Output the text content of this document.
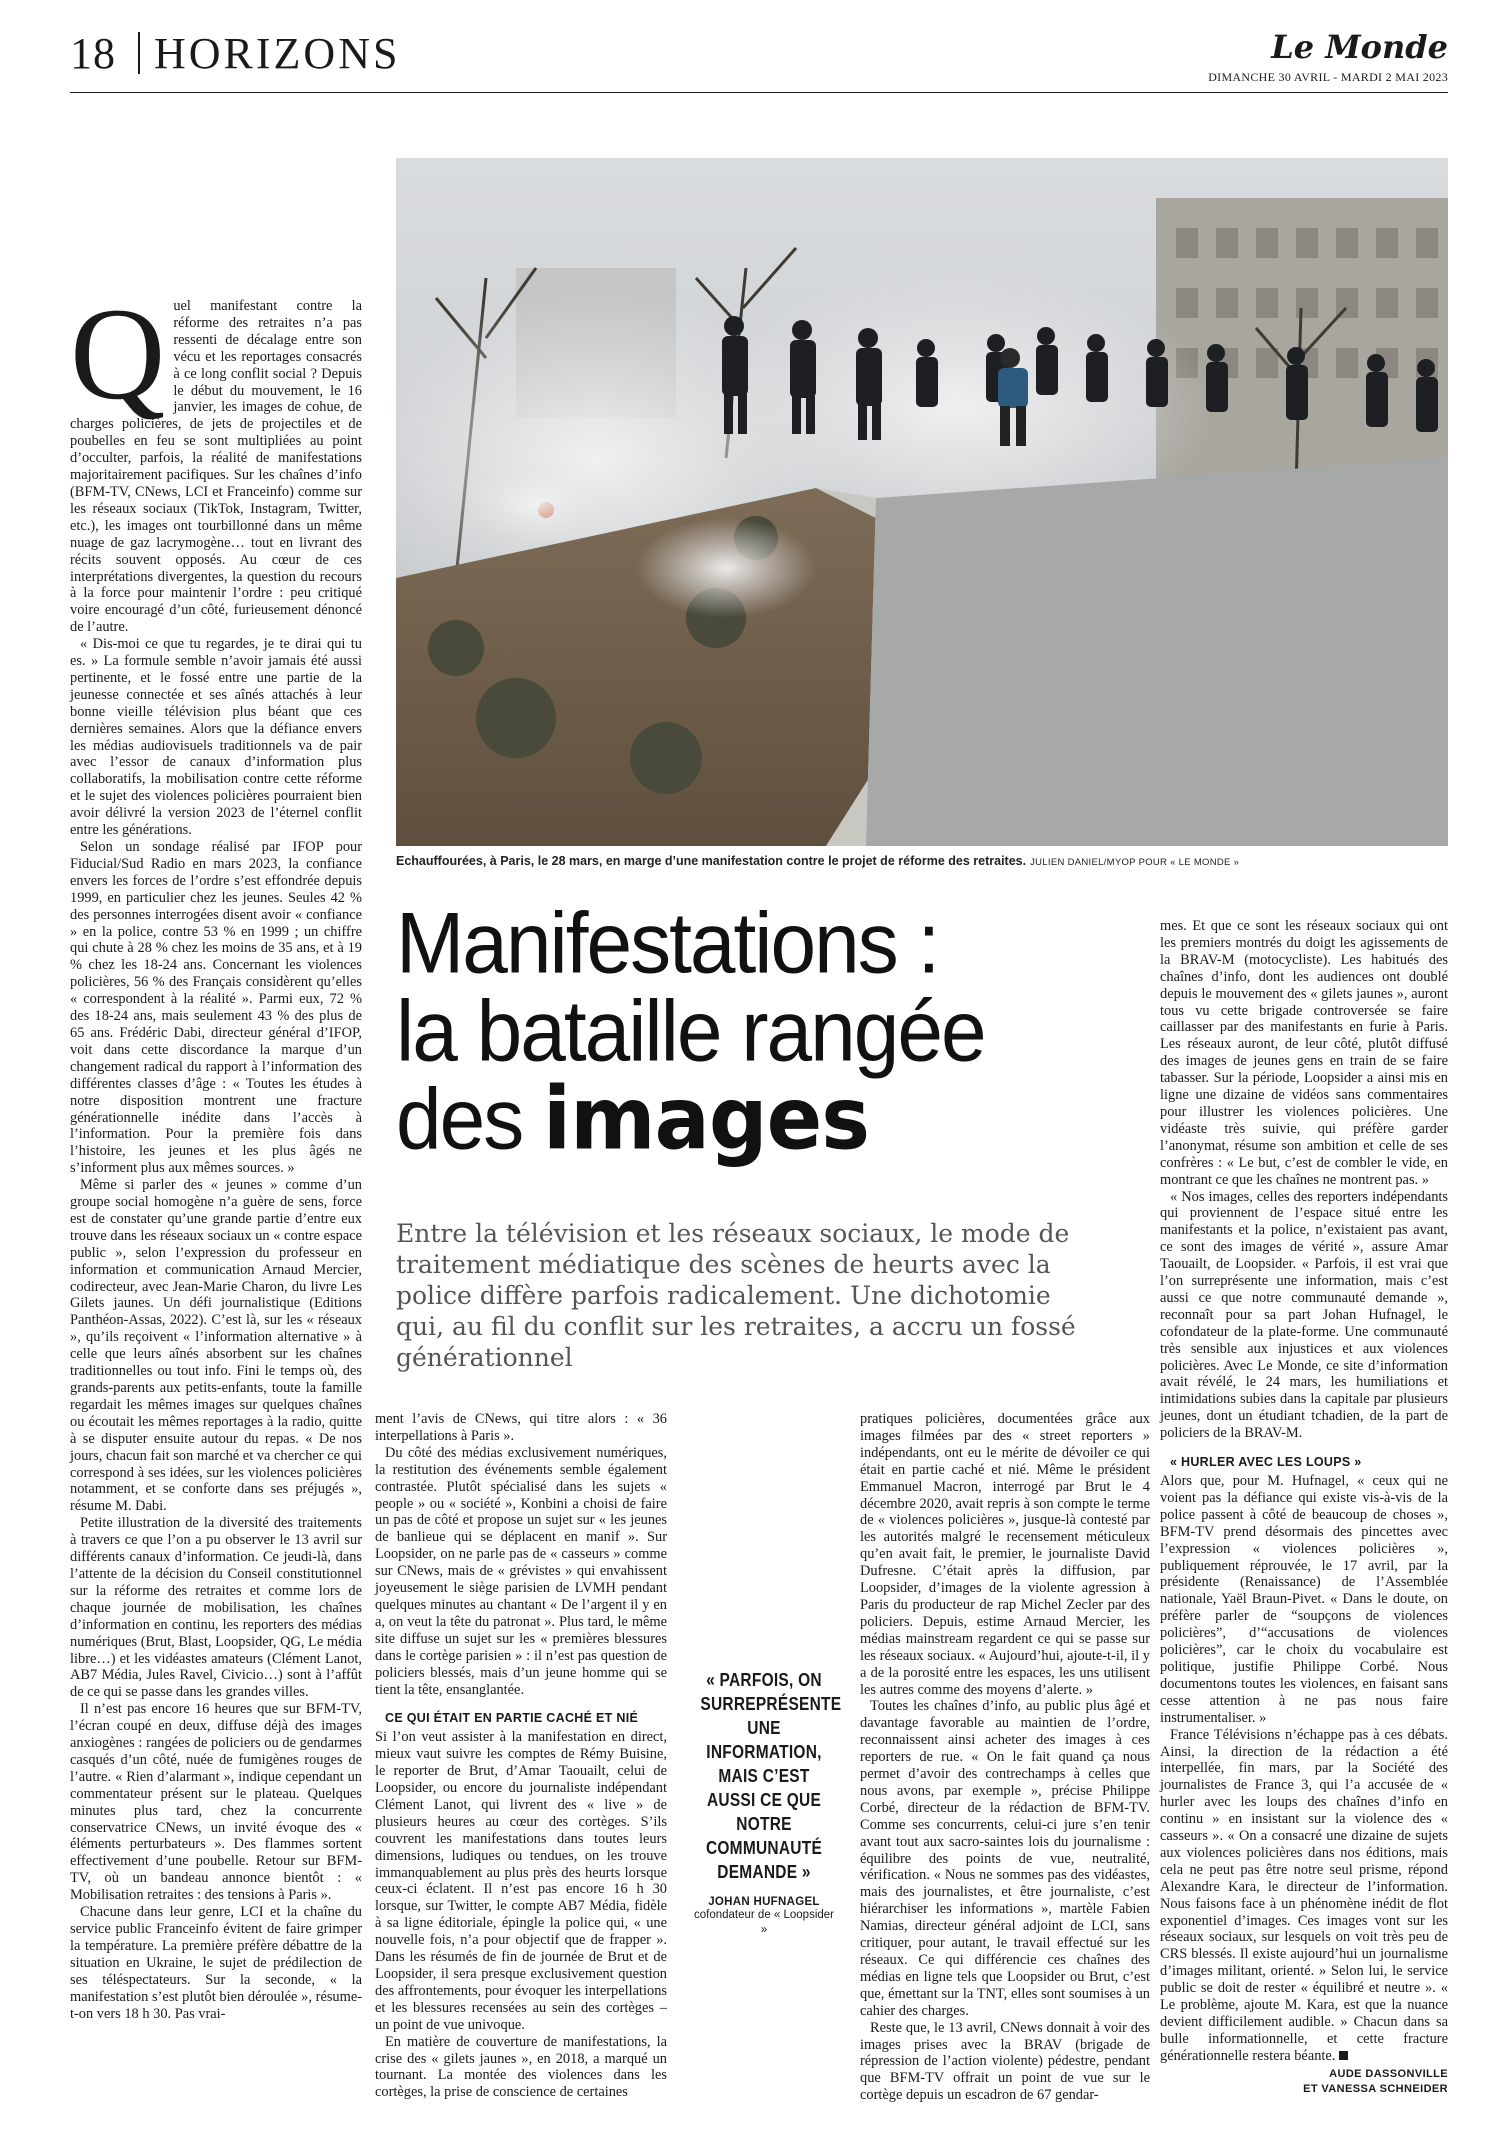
18 HORIZONS	Le Monde
DIMANCHE 30 AVRIL - MARDI 2 MAI 2023
Echauffourées, à Paris, le 28 mars, en marge d’une manifestation contre le projet de réforme des retraites. JULIEN DANIEL/MYOP POUR « LE MONDE »
Manifestations :
la bataille rangée
des images
Entre la télévision et les réseaux sociaux, le mode de traitement médiatique des scènes de heurts avec la police diffère parfois radicalement. Une dichotomie qui, au fil du conflit sur les retraites, a accru un fossé générationnel

Quel manifestant contre la réforme des retraites n’a pas ressenti de décalage entre son vécu et les reportages consacrés à ce long conflit social ? Depuis le début du mouvement, le 16 janvier, les images de cohue, de charges policières, de jets de projectiles et de poubelles en feu se sont multipliées au point d’occulter, parfois, la réalité de manifestations majoritairement pacifiques. Sur les chaînes d’info (BFM-TV, CNews, LCI et Franceinfo) comme sur les réseaux sociaux (TikTok, Instagram, Twitter, etc.), les images ont tourbillonné dans un même nuage de gaz lacrymogène… tout en livrant des récits souvent opposés. Au cœur de ces interprétations divergentes, la question du recours à la force pour maintenir l’ordre : peu critiqué voire encouragé d’un côté, furieusement dénoncé de l’autre.

« Dis-moi ce que tu regardes, je te dirai qui tu es. » La formule semble n’avoir jamais été aussi pertinente, et le fossé entre une partie de la jeunesse connectée et ses aînés attachés à leur bonne vieille télévision plus béant que ces dernières semaines. Alors que la défiance envers les médias audiovisuels traditionnels va de pair avec l’essor de canaux d’information plus collaboratifs, la mobilisation contre cette réforme et le sujet des violences policières pourraient bien avoir délivré la version 2023 de l’éternel conflit entre les générations.

Selon un sondage réalisé par IFOP pour Fiducial/Sud Radio en mars 2023, la confiance envers les forces de l’ordre s’est effondrée depuis 1999, en particulier chez les jeunes. Seules 42 % des personnes interrogées disent avoir « confiance » en la police, contre 53 % en 1999 ; un chiffre qui chute à 28 % chez les moins de 35 ans, et à 19 % chez les 18-24 ans. Concernant les violences policières, 56 % des Français considèrent qu’elles « correspondent à la réalité ». Parmi eux, 72 % des 18-24 ans, mais seulement 43 % des plus de 65 ans. Frédéric Dabi, directeur général d’IFOP, voit dans cette discordance la marque d’un changement radical du rapport à l’information des différentes classes d’âge : « Toutes les études à notre disposition montrent une fracture générationnelle inédite dans l’accès à l’information. Pour la première fois dans l’histoire, les jeunes et les plus âgés ne s’informent plus aux mêmes sources. »

Même si parler des « jeunes » comme d’un groupe social homogène n’a guère de sens, force est de constater qu’une grande partie d’entre eux trouve dans les réseaux sociaux un « contre espace public », selon l’expression du professeur en information et communication Arnaud Mercier, codirecteur, avec Jean-Marie Charon, du livre Les Gilets jaunes. Un défi journalistique (Editions Panthéon-Assas, 2022). C’est là, sur les « réseaux », qu’ils reçoivent « l’information alternative » à celle que leurs aînés absorbent sur les chaînes traditionnelles ou tout info. Fini le temps où, des grands-parents aux petits-enfants, toute la famille regardait les mêmes images sur quelques chaînes ou écoutait les mêmes reportages à la radio, quitte à se disputer ensuite autour du repas. « De nos jours, chacun fait son marché et va chercher ce qui correspond à ses idées, sur les violences policières notamment, et se conforte dans ses préjugés », résume M. Dabi.

Petite illustration de la diversité des traitements à travers ce que l’on a pu observer le 13 avril sur différents canaux d’information. Ce jeudi-là, dans l’attente de la décision du Conseil constitutionnel sur la réforme des retraites et comme lors de chaque journée de mobilisation, les chaînes d’information en continu, les reporters des médias numériques (Brut, Blast, Loopsider, QG, Le média libre…) et les vidéastes amateurs (Clément Lanot, AB7 Média, Jules Ravel, Civicio…) sont à l’affût de ce qui se passe dans les grandes villes.

Il n’est pas encore 16 heures que sur BFM-TV, l’écran coupé en deux, diffuse déjà des images anxiogènes : rangées de policiers ou de gendarmes casqués d’un côté, nuée de fumigènes rouges de l’autre. « Rien d’alarmant », indique cependant un commentateur présent sur le plateau. Quelques minutes plus tard, chez la concurrente conservatrice CNews, un invité évoque des « éléments perturbateurs ». Des flammes sortent effectivement d’une poubelle. Retour sur BFM-TV, où un bandeau annonce bientôt : « Mobilisation retraites : des tensions à Paris ».

Chacune dans leur genre, LCI et la chaîne du service public Franceinfo évitent de faire grimper la température. La première préfère débattre de la situation en Ukraine, le sujet de prédilection de ses téléspectateurs. Sur la seconde, « la manifestation s’est plutôt bien déroulée », résume-t-on vers 18 h 30. Pas vrai-

ment l’avis de CNews, qui titre alors : « 36 interpellations à Paris ».

Du côté des médias exclusivement numériques, la restitution des événements semble également contrastée. Plutôt spécialisé dans les sujets « people » ou « société », Konbini a choisi de faire un pas de côté et propose un sujet sur « les jeunes de banlieue qui se déplacent en manif ». Sur Loopsider, on ne parle pas de « casseurs » comme sur CNews, mais de « grévistes » qui envahissent joyeusement le siège parisien de LVMH pendant quelques minutes au chantant « De l’argent il y en a, on veut la tête du patronat ». Plus tard, le même site diffuse un sujet sur les « premières blessures dans le cortège parisien » : il n’est pas question de policiers blessés, mais d’un jeune homme qui se tient la tête, ensanglantée.

CE QUI ÉTAIT EN PARTIE CACHÉ ET NIÉ

Si l’on veut assister à la manifestation en direct, mieux vaut suivre les comptes de Rémy Buisine, le reporter de Brut, d’Amar Taouailt, celui de Loopsider, ou encore du journaliste indépendant Clément Lanot, qui livrent des « live » de plusieurs heures au cœur des cortèges. S’ils couvrent les manifestations dans toutes leurs dimensions, ludiques ou tendues, on les trouve immanquablement au plus près des heurts lorsque ceux-ci éclatent. Il n’est pas encore 16 h 30 lorsque, sur Twitter, le compte AB7 Média, fidèle à sa ligne éditoriale, épingle la police qui, « une nouvelle fois, n’a pour objectif que de frapper ». Dans les résumés de fin de journée de Brut et de Loopsider, il sera presque exclusivement question des affrontements, pour évoquer les interpellations et les blessures recensées au sein des cortèges – un point de vue univoque.

En matière de couverture de manifestations, la crise des « gilets jaunes », en 2018, a marqué un tournant. La montée des violences dans les cortèges, la prise de conscience de certaines

« PARFOIS, ON SURREPRÉSENTE UNE INFORMATION, MAIS C’EST AUSSI CE QUE NOTRE COMMUNAUTÉ DEMANDE »
JOHAN HUFNAGEL
cofondateur de « Loopsider »

pratiques policières, documentées grâce aux images filmées par des « street reporters » indépendants, ont eu le mérite de dévoiler ce qui était en partie caché et nié. Même le président Emmanuel Macron, interrogé par Brut le 4 décembre 2020, avait repris à son compte le terme de « violences policières », jusque-là contesté par les autorités malgré le recensement méticuleux qu’en avait fait, le premier, le journaliste David Dufresne. C’était après la diffusion, par Loopsider, d’images de la violente agression à Paris du producteur de rap Michel Zecler par des policiers. Depuis, estime Arnaud Mercier, les médias mainstream regardent ce qui se passe sur les réseaux sociaux. « Aujourd’hui, ajoute-t-il, il y a de la porosité entre les espaces, les uns utilisent les autres comme des moyens d’alerte. »

Toutes les chaînes d’info, au public plus âgé et davantage favorable au maintien de l’ordre, reconnaissent ainsi acheter des images à ces reporters de rue. « On le fait quand ça nous permet d’avoir des contrechamps à celles que nous avons, par exemple », précise Philippe Corbé, directeur de la rédaction de BFM-TV. Comme ses concurrents, celui-ci jure s’en tenir avant tout aux sacro-saintes lois du journalisme : équilibre des points de vue, neutralité, vérification. « Nous ne sommes pas des vidéastes, mais des journalistes, et être journaliste, c’est hiérarchiser les informations », martèle Fabien Namias, directeur général adjoint de LCI, sans critiquer, pour autant, le travail effectué sur les réseaux. Ce qui différencie ces chaînes des médias en ligne tels que Loopsider ou Brut, c’est que, émettant sur la TNT, elles sont soumises à un cahier des charges.

Reste que, le 13 avril, CNews donnait à voir des images prises avec la BRAV (brigade de répression de l’action violente) pédestre, pendant que BFM-TV offrait un point de vue sur le cortège depuis un escadron de 67 gendar-

mes. Et que ce sont les réseaux sociaux qui ont les premiers montrés du doigt les agissements de la BRAV-M (motocycliste). Les habitués des chaînes d’info, dont les audiences ont doublé depuis le mouvement des « gilets jaunes », auront tous vu cette brigade controversée se faire caillasser par des manifestants en furie à Paris. Les réseaux auront, de leur côté, plutôt diffusé des images de jeunes gens en train de se faire tabasser. Sur la période, Loopsider a ainsi mis en ligne une dizaine de vidéos sans commentaires pour illustrer les violences policières. Une vidéaste très suivie, qui préfère garder l’anonymat, résume son ambition et celle de ses confrères : « Le but, c’est de combler le vide, en montrant ce que les chaînes ne montrent pas. »

« Nos images, celles des reporters indépendants qui proviennent de l’espace situé entre les manifestants et la police, n’existaient pas avant, ce sont des images de vérité », assure Amar Taouailt, de Loopsider. « Parfois, il est vrai que l’on surreprésente une information, mais c’est aussi ce que notre communauté demande », reconnaît pour sa part Johan Hufnagel, le cofondateur de la plate-forme. Une communauté très sensible aux injustices et aux violences policières. Avec Le Monde, ce site d’information avait révélé, le 24 mars, les humiliations et intimidations subies dans la capitale par plusieurs jeunes, dont un étudiant tchadien, de la part de policiers de la BRAV-M.

« HURLER AVEC LES LOUPS »

Alors que, pour M. Hufnagel, « ceux qui ne voient pas la défiance qui existe vis-à-vis de la police passent à côté de beaucoup de choses », BFM-TV prend désormais des pincettes avec l’expression « violences policières », publiquement réprouvée, le 17 avril, par la présidente (Renaissance) de l’Assemblée nationale, Yaël Braun-Pivet. « Dans le doute, on préfère parler de “soupçons de violences policières”, d’“accusations de violences policières”, car le choix du vocabulaire est politique, justifie Philippe Corbé. Nous documentons toutes les violences, en faisant sans cesse attention à ne pas nous faire instrumentaliser. »

France Télévisions n’échappe pas à ces débats. Ainsi, la direction de la rédaction a été interpellée, fin mars, par la Société des journalistes de France 3, qui l’a accusée de « hurler avec les loups des chaînes d’info en continu » en insistant sur la violence des « casseurs ». « On a consacré une dizaine de sujets aux violences policières dans nos éditions, mais cela ne peut pas être notre seul prisme, répond Alexandre Kara, le directeur de l’information. Nous faisons face à un phénomène inédit de flot exponentiel d’images. Ces images vont sur les réseaux sociaux, sur lesquels on voit très peu de CRS blessés. Il existe aujourd’hui un journalisme d’images militant, orienté. » Selon lui, le service public se doit de rester « équilibré et neutre ». « Le problème, ajoute M. Kara, est que la nuance devient difficilement audible. » Chacun dans sa bulle informationnelle, et cette fracture générationnelle restera béante.

AUDE DASSONVILLE
ET VANESSA SCHNEIDER
